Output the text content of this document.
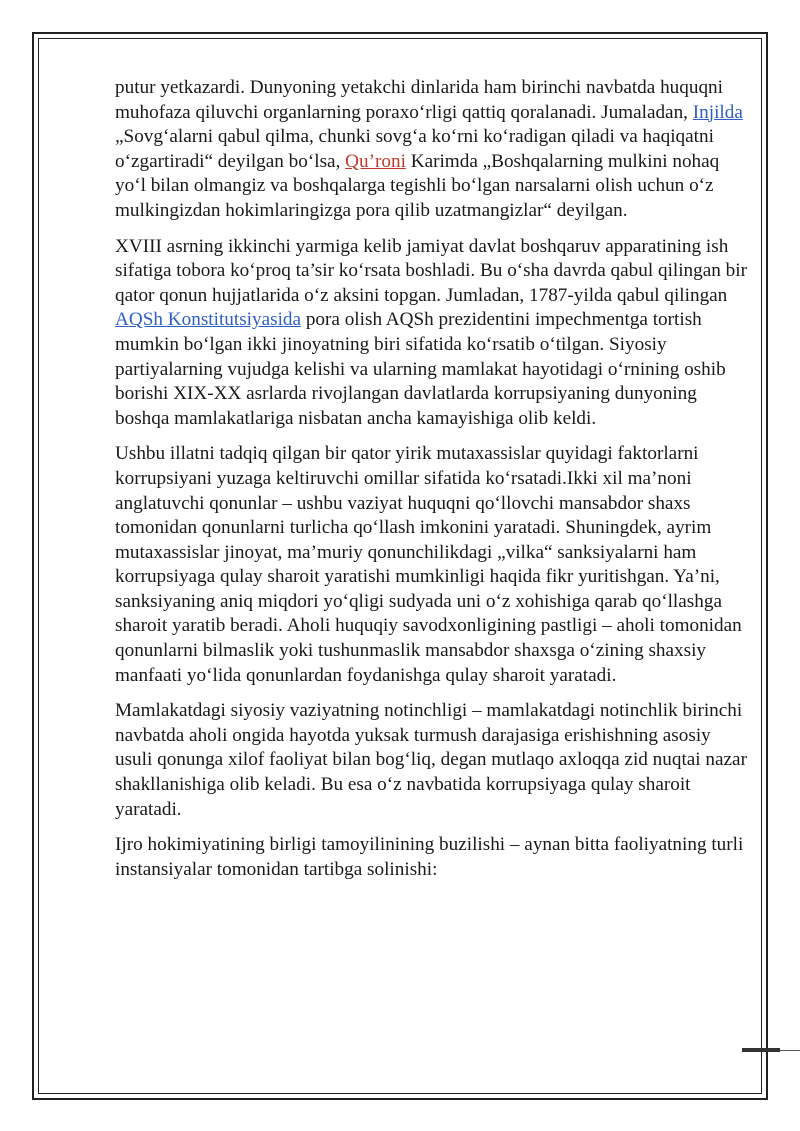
putur yetkazardi. Dunyoning yetakchi dinlarida ham birinchi navbatda huquqni muhofaza qiluvchi organlarning poraxo‘rligi qattiq qoralanadi. Jumaladan, Injilda „Sovg‘alarni qabul qilma, chunki sovg‘a ko‘rni ko‘radigan qiladi va haqiqatni o‘zgartiradi“ deyilgan bo‘lsa, Qu’roni Karimda „Boshqalarning mulkini nohaq yo‘l bilan olmangiz va boshqalarga tegishli bo‘lgan narsalarni olish uchun o‘z mulkingizdan hokimlaringizga pora qilib uzatmangizlar“ deyilgan.

XVIII asrning ikkinchi yarmiga kelib jamiyat davlat boshqaruv apparatining ish sifatiga tobora ko‘proq ta’sir ko‘rsata boshladi. Bu o‘sha davrda qabul qilingan bir qator qonun hujjatlarida o‘z aksini topgan. Jumladan, 1787-yilda qabul qilingan AQSh Konstitutsiyasida pora olish AQSh prezidentini impechmentga tortish mumkin bo‘lgan ikki jinoyatning biri sifatida ko‘rsatib o‘tilgan. Siyosiy partiyalarning vujudga kelishi va ularning mamlakat hayotidagi o‘rnining oshib borishi XIX-XX asrlarda rivojlangan davlatlarda korrupsiyaning dunyoning boshqa mamlakatlariga nisbatan ancha kamayishiga olib keldi.

Ushbu illatni tadqiq qilgan bir qator yirik mutaxassislar quyidagi faktorlarni korrupsiyani yuzaga keltiruvchi omillar sifatida ko‘rsatadi.Ikki xil ma’noni anglatuvchi qonunlar – ushbu vaziyat huquqni qo‘llovchi mansabdor shaxs tomonidan qonunlarni turlicha qo‘llash imkonini yaratadi. Shuningdek, ayrim mutaxassislar jinoyat, ma’muriy qonunchilikdagi „vilka“ sanksiyalarni ham korrupsiyaga qulay sharoit yaratishi mumkinligi haqida fikr yuritishgan. Ya’ni, sanksiyaning aniq miqdori yo‘qligi sudyada uni o‘z xohishiga qarab qo‘llashga sharoit yaratib beradi. Aholi huquqiy savodxonligining pastligi – aholi tomonidan qonunlarni bilmaslik yoki tushunmaslik mansabdor shaxsga o‘zining shaxsiy manfaati yo‘lida qonunlardan foydanishga qulay sharoit yaratadi.

Mamlakatdagi siyosiy vaziyatning notinchligi – mamlakatdagi notinchlik birinchi navbatda aholi ongida hayotda yuksak turmush darajasiga erishishning asosiy usuli qonunga xilof faoliyat bilan bog‘liq, degan mutlaqo axloqqa zid nuqtai nazar shakllanishiga olib keladi. Bu esa o‘z navbatida korrupsiyaga qulay sharoit yaratadi.

Ijro hokimiyatining birligi tamoyilinining buzilishi – aynan bitta faoliyatning turli instansiyalar tomonidan tartibga solinishi:
